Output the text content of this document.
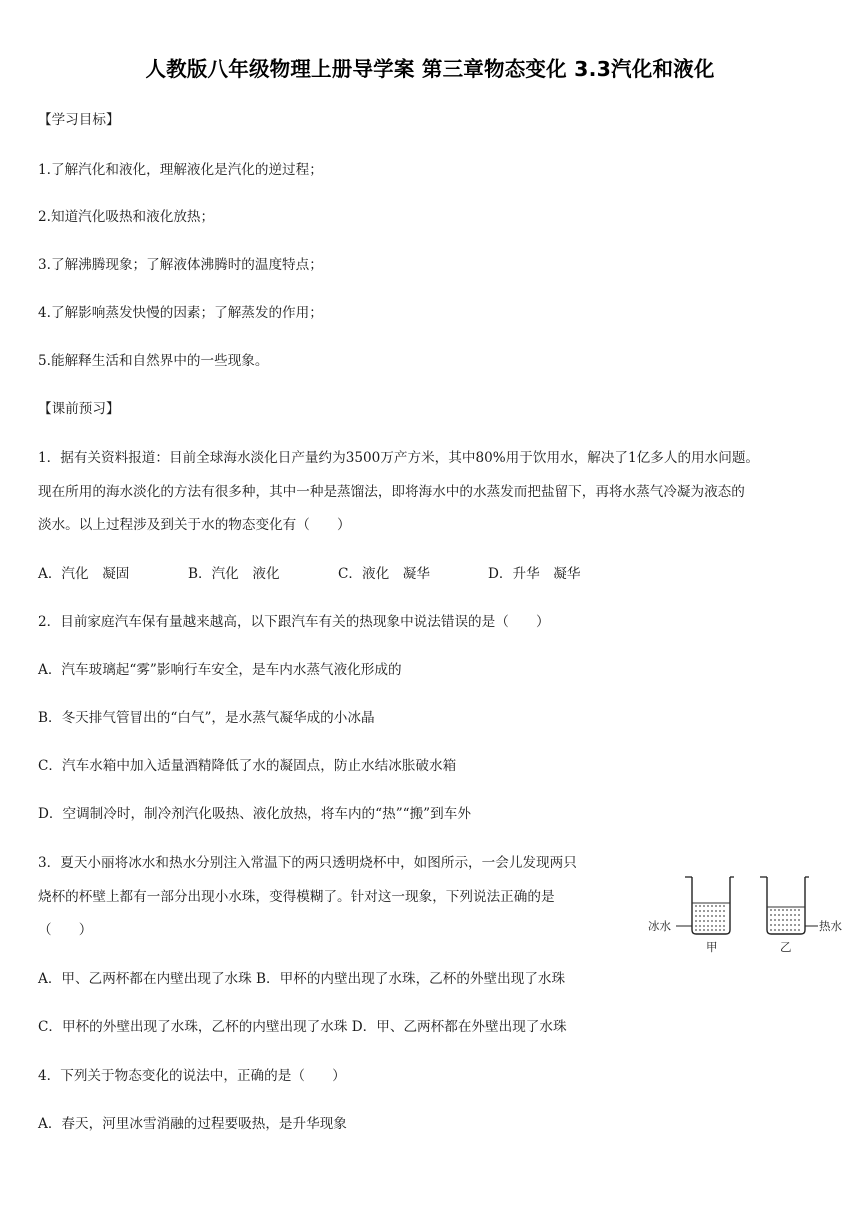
人教版八年级物理上册导学案 第三章物态变化 3.3汽化和液化
【学习目标】
1.了解汽化和液化，理解液化是汽化的逆过程；
2.知道汽化吸热和液化放热；
3.了解沸腾现象；了解液体沸腾时的温度特点；
4.了解影响蒸发快慢的因素；了解蒸发的作用；
5.能解释生活和自然界中的一些现象。
【课前预习】
1．据有关资料报道：目前全球海水淡化日产量约为3500万产方米，其中80%用于饮用水，解决了1亿多人的用水问题。
现在所用的海水淡化的方法有很多种，其中一种是蒸馏法，即将海水中的水蒸发而把盐留下，再将水蒸气冷凝为液态的
淡水。以上过程涉及到关于水的物态变化有（　　）
A．汽化　凝固	B．汽化　液化	C．液化　凝华	D．升华　凝华
2．目前家庭汽车保有量越来越高，以下跟汽车有关的热现象中说法错误的是（　　）
A．汽车玻璃起“雾”影响行车安全，是车内水蒸气液化形成的
B．冬天排气管冒出的“白气”，是水蒸气凝华成的小冰晶
C．汽车水箱中加入适量酒精降低了水的凝固点，防止水结冰胀破水箱
D．空调制冷时，制冷剂汽化吸热、液化放热，将车内的“热”“搬”到车外
3．夏天小丽将冰水和热水分别注入常温下的两只透明烧杯中，如图所示，一会儿发现两只
烧杯的杯壁上都有一部分出现小水珠，变得模糊了。针对这一现象，下列说法正确的是
（　　）	冰水	热水
甲	乙
A．甲、乙两杯都在内壁出现了水珠 B．甲杯的内壁出现了水珠，乙杯的外壁出现了水珠
C．甲杯的外壁出现了水珠，乙杯的内壁出现了水珠 D．甲、乙两杯都在外壁出现了水珠
4．下列关于物态变化的说法中，正确的是（　　）
A．春天，河里冰雪消融的过程要吸热，是升华现象
